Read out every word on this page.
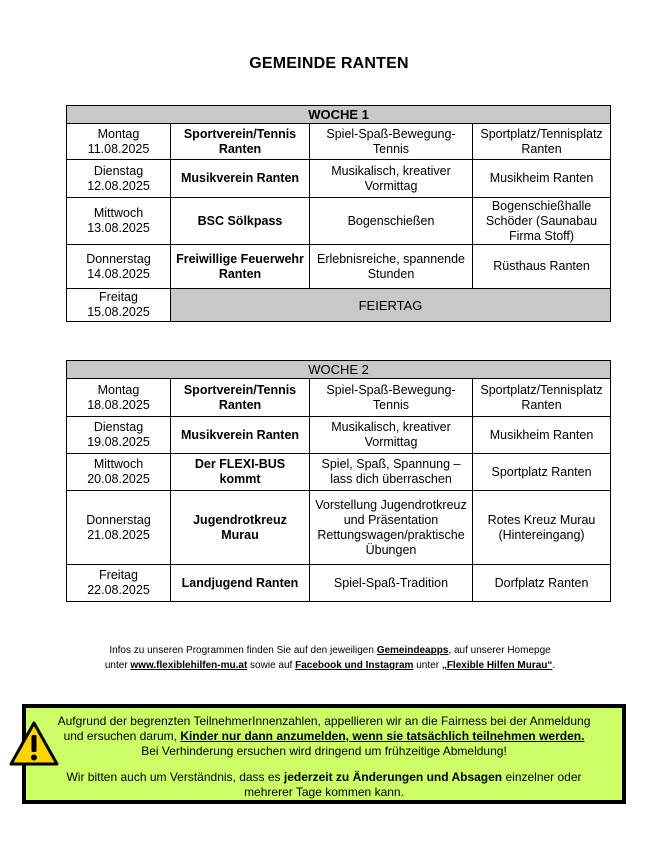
GEMEINDE RANTEN
WOCHE 1			
Montag
11.08.2025	Sportverein/Tennis Ranten	Spiel-Spaß-Bewegung-Tennis	Sportplatz/Tennisplatz Ranten
Dienstag
12.08.2025	Musikverein Ranten	Musikalisch, kreativer Vormittag	Musikheim Ranten
Mittwoch
13.08.2025	BSC Sölkpass	Bogenschießen	Bogenschießhalle Schöder (Saunabau Firma Stoff)
Donnerstag
14.08.2025	Freiwillige Feuerwehr Ranten	Erlebnisreiche, spannende Stunden	Rüsthaus Ranten
Freitag
15.08.2025	FEIERTAG		
WOCHE 2			
Montag
18.08.2025	Sportverein/Tennis Ranten	Spiel-Spaß-Bewegung-Tennis	Sportplatz/Tennisplatz Ranten
Dienstag
19.08.2025	Musikverein Ranten	Musikalisch, kreativer Vormittag	Musikheim Ranten
Mittwoch
20.08.2025	Der FLEXI-BUS kommt	Spiel, Spaß, Spannung – lass dich überraschen	Sportplatz Ranten
Donnerstag
21.08.2025	Jugendrotkreuz Murau	Vorstellung Jugendrotkreuz und Präsentation Rettungswagen/praktische Übungen	Rotes Kreuz Murau (Hintereingang)
Freitag
22.08.2025	Landjugend Ranten	Spiel-Spaß-Tradition	Dorfplatz Ranten
Infos zu unseren Programmen finden Sie auf den jeweiligen Gemeindeapps, auf unserer Homepge
unter www.flexiblehilfen-mu.at sowie auf Facebook und Instagram unter „Flexible Hilfen Murau“.
Aufgrund der begrenzten TeilnehmerInnenzahlen, appellieren wir an die Fairness bei der Anmeldung
und ersuchen darum, Kinder nur dann anzumelden, wenn sie tatsächlich teilnehmen werden.
Bei Verhinderung ersuchen wird dringend um frühzeitige Abmeldung!
Wir bitten auch um Verständnis, dass es jederzeit zu Änderungen und Absagen einzelner oder
mehrerer Tage kommen kann.
